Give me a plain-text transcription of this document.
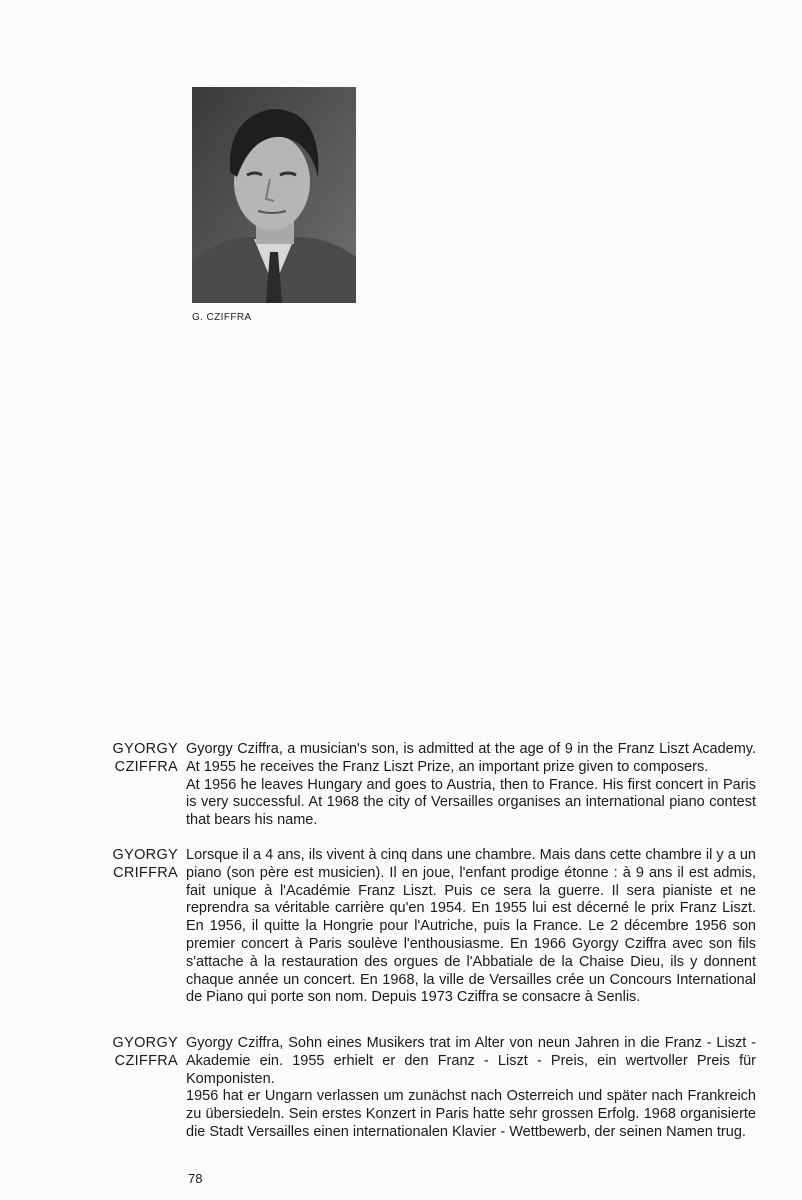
G. CZIFFRA
GYORGY
CZIFFRA

Gyorgy Cziffra, a musician's son, is admitted at the age of 9 in the Franz Liszt Academy. At 1955 he receives the Franz Liszt Prize, an important prize given to composers.

At 1956 he leaves Hungary and goes to Austria, then to France. His first concert in Paris is very successful. At 1968 the city of Versailles organises an international piano contest that bears his name.

GYORGY
CRIFFRA

Lorsque il a 4 ans, ils vivent à cinq dans une chambre. Mais dans cette chambre il y a un piano (son père est musicien). Il en joue, l'enfant prodige étonne : à 9 ans il est admis, fait unique à l'Académie Franz Liszt. Puis ce sera la guerre. Il sera pianiste et ne reprendra sa véritable carrière qu'en 1954. En 1955 lui est décerné le prix Franz Liszt. En 1956, il quitte la Hongrie pour l'Autriche, puis la France. Le 2 décembre 1956 son premier concert à Paris soulève l'enthousiasme. En 1966 Gyorgy Cziffra avec son fils s'attache à la restauration des orgues de l'Abbatiale de la Chaise Dieu, ils y donnent chaque année un concert. En 1968, la ville de Versailles crée un Concours International de Piano qui porte son nom. Depuis 1973 Cziffra se consacre à Senlis.

GYORGY
CZIFFRA

Gyorgy Cziffra, Sohn eines Musikers trat im Alter von neun Jahren in die Franz - Liszt - Akademie ein. 1955 erhielt er den Franz - Liszt - Preis, ein wertvoller Preis für Komponisten.

1956 hat er Ungarn verlassen um zunächst nach Osterreich und später nach Frankreich zu übersiedeln. Sein erstes Konzert in Paris hatte sehr grossen Erfolg. 1968 organisierte die Stadt Versailles einen internationalen Klavier - Wettbewerb, der seinen Namen trug.

78
